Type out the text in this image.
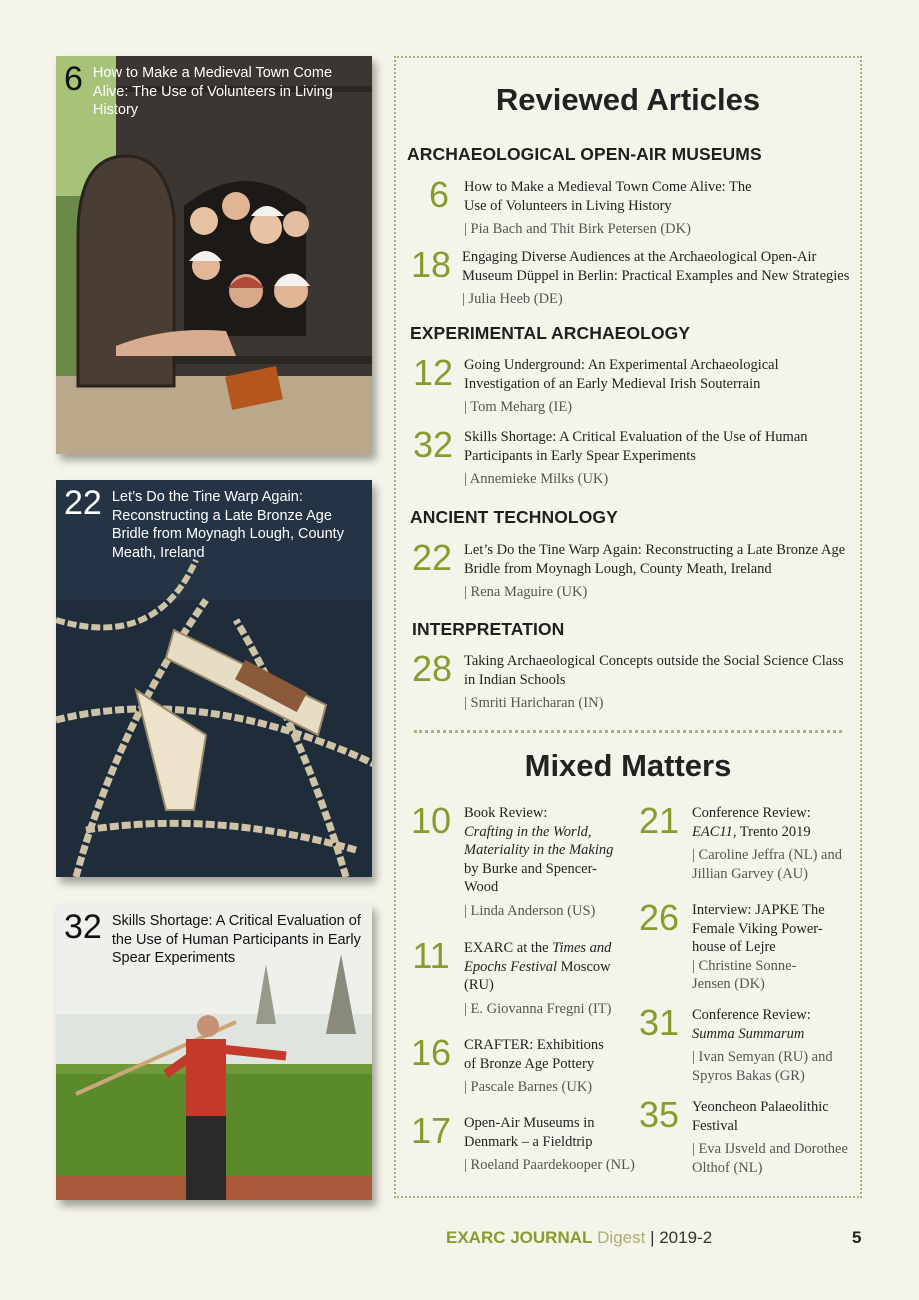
6 How to Make a Medieval Town Come Alive: The Use of Volunteers in Living History
22 Let’s Do the Tine Warp Again: Reconstructing a Late Bronze Age Bridle from Moynagh Lough, County Meath, Ireland
32 Skills Shortage: A Critical Evaluation of the Use of Human Participants in Early Spear Experiments
Reviewed Articles
ARCHAEOLOGICAL OPEN-AIR MUSEUMS
6	How to Make a Medieval Town Come Alive: The Use of Volunteers in Living History
| Pia Bach and Thit Birk Petersen (DK)
18 Engaging Diverse Audiences at the Archaeological Open-Air Museum Düppel in Berlin: Practical Examples and New Strategies
| Julia Heeb (DE)
EXPERIMENTAL ARCHAEOLOGY
12 Going Underground: An Experimental Archaeological Investigation of an Early Medieval Irish Souterrain
| Tom Meharg (IE)
32 Skills Shortage: A Critical Evaluation of the Use of Human Participants in Early Spear Experiments
| Annemieke Milks (UK)
ANCIENT TECHNOLOGY
22 Let’s Do the Tine Warp Again: Reconstructing a Late Bronze Age Bridle from Moynagh Lough, County Meath, Ireland
| Rena Maguire (UK)
INTERPRETATION
28 Taking Archaeological Concepts outside the Social Science Class in Indian Schools
| Smriti Haricharan (IN)
Mixed Matters
10 Book Review:
Crafting in the World, Materiality in the Making by Burke and Spencer-Wood
| Linda Anderson (US)
11 EXARC at the Times and Epochs Festival Moscow (RU)
| E. Giovanna Fregni (IT)
16 CRAFTER: Exhibitions of Bronze Age Pottery
| Pascale Barnes (UK)
17 Open-Air Museums in Denmark – a Fieldtrip
| Roeland Paardekooper (NL)
21 Conference Review:
EAC11, Trento 2019
| Caroline Jeffra (NL) and Jillian Garvey (AU)
26 Interview: JAPKE The Female Viking Power-house of Lejre
| Christine Sonne-Jensen (DK)
31 Conference Review:
Summa Summarum
| Ivan Semyan (RU) and Spyros Bakas (GR)
35 Yeoncheon Palaeolithic Festival
| Eva IJsveld and Dorothee Olthof (NL)
EXARC JOURNAL Digest | 2019-2	5
